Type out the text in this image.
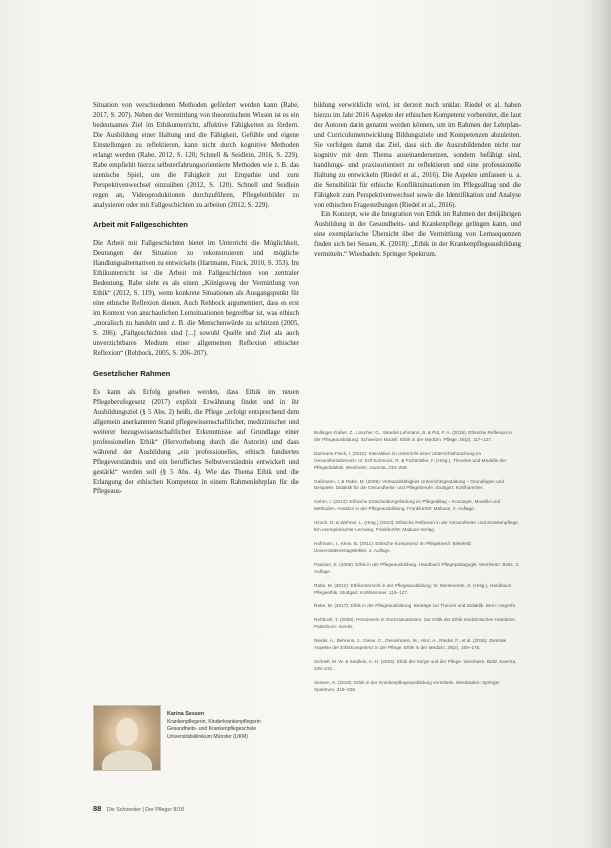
Situation von verschiedenen Methoden gefördert werden kann (Rabe, 2017, S. 207). Neben der Vermittlung von theoretischem Wissen ist es ein bedeutsames Ziel im Ethikunterricht, affektive Fähigkeiten zu fördern. Die Ausbildung einer Haltung und die Fähigkeit, Gefühle und eigene Einstellungen zu reflektieren, kann nicht durch kognitive Methoden erlangt werden (Rabe, 2012, S. 120; Schnell & Seidlein, 2016, S. 229). Rabe empfiehlt hierzu selbsterfahrungsorientierte Methoden wie z. B. das szenische Spiel, um die Fähigkeit zur Empathie und zum Perspektivenwechsel einzuüben (2012, S. 120). Schnell und Seidlein regen an, Videoproduktionen durchzuführen, Pflegeleitbilder zu analysieren oder mit Fallgeschichten zu arbeiten (2012, S. 229).

Arbeit mit Fallgeschichten

Die Arbeit mit Fallgeschichten bietet im Unterricht die Möglichkeit, Deutungen der Situation zu rekonstruieren und mögliche Handlungsalternativen zu entwickeln (Hartmann, Finck, 2010, S. 353). Im Ethikunterricht ist die Arbeit mit Fallgeschichten von zentraler Bedeutung. Rabe sieht es als einen „Königsweg der Vermittlung von Ethik“ (2012, S. 119), wenn konkrete Situationen als Ausgangspunkt für eine ethische Reflexion dienen. Auch Rehbock argumentiert, dass es erst im Kontext von anschaulichen Lernsituationen begreifbar ist, was ethisch „moralisch zu handeln und z. B. die Menschenwürde zu schützen (2005, S. 206). „Fallgeschichten sind [...] sowohl Quelle und Ziel als auch unverzichtbares Medium einer allgemeinen Reflexion ethischer Reflexion“ (Rehbock, 2005, S. 206–207).

Gesetzlicher Rahmen

Es kann als Erfolg gesehen werden, dass Ethik im neuen Pflegeberufegesetz (2017) explizit Erwähnung findet und in ihr Ausbildungsziel (§ 5 Abs. 2) heißt, die Pflege „erfolgt entsprechend dem allgemein anerkannten Stand pflegewissenschaftlicher, medizinischer und weiterer bezugswissenschaftlicher Erkenntnisse auf Grundlage einer professionellen Ethik“ (Hervorhebung durch die Autorin) und dass während der Ausbildung „ein professionelles, ethisch fundiertes Pflegeverständnis und ein berufliches Selbstverständnis entwickelt und gestärkt“ werden soll (§ 5 Abs. 4). Wie das Thema Ethik und die Erlangung der ethischen Kompetenz in einem Rahmenlehrplan für die Pflegeaus-

bildung verwirklicht wird, ist derzeit noch unklar. Riedel et al. haben hierzu im Jahr 2016 Aspekte der ethischen Kompetenz vorbereitet, die laut der Autoren darin genannt werden können, um im Rahmen der Lehrplan- und Curriculumentwicklung Bildungsziele und Kompetenzen abzuleiten. Sie verfolgen damit das Ziel, dass sich die Auszubildenden nicht nur kognitiv mit dem Thema auseinandersetzen, sondern befähigt sind, handlungs- und praxisorientiert zu reflektieren und eine professionelle Haltung zu entwickeln (Riedel et al., 2016). Die Aspekte umfassen u. a. die Sensibilität für ethische Konfliktsituationen im Pflegealltag und die Fähigkeit zum Perspektivenwechsel sowie die Identifikation und Analyse von ethischen Fragestellungen (Riedel et al., 2016).

Ein Konzept, wie die Integration von Ethik im Rahmen der dreijährigen Ausbildung in der Gesundheits- und Krankenpflege gelingen kann, und eine exemplarische Übersicht über die Vermittlung von Lernsequenzen finden sich bei Sessen, K. (2018): „Ethik in der Krankenpflegeausbildung vermitteln.“ Wiesbaden: Springer Spektrum.

Bollinger-Gaßer, Z., Lüscher, G., Skardel Lehmann, B. & Pitt, F. A. (2018): Ethische Reflexion in der Pflegeausbildung: Schweizer Modell. Ethik in der Medizin. Pflege, 26(2), 117–127.

Darmann-Finck, I. (2010): Interaktion im Unterricht einer Unterrichtsforschung im Gesundheitsbereich. In: Ertl-Schmuck, R. & Fichtmüller, F. (Hrsg.), Theorien und Modelle der Pflegedidaktik. Weinheim: Juventa, 233–259.

Gaßmann, I. & Rabe, M. (2009): Verbandsfähigkeit Unterrichtsgestaltung – Grundlagen und Beispiele. Didaktik für die Gesundheits- und Pflegeberufe. Stuttgart: Kohlhammer.

Gehm, I. (2013): Ethische Entscheidungsfindung im Pflegealltag – Konzepte, Modelle und Methoden. Ansätze in der Pflegeausbildung. Frankfurt/M: Mabuse, 2. Auflage.

Hirsch, D. & Wehner, L. (Hrsg.) (2012): Ethische Reflexion in der Gesundheits- und Krankenpflege. Ein exemplarischer Lernweg. Frankfurt/M: Mabuse-Verlag.

Hofmann, I., Klein, B. (2011): Ethische Kompetenz im Pflegeberuf. Bielefeld: UniversitätsVerlagWebler, 2. Auflage.

Paulsen, E. (2008): Ethik in der Pflegeausbildung. Handbuch Pflegepädagogik. Weinheim: Beltz, 3. Auflage.

Rabe, M. (2012): Ethikunterricht in der Pflegeausbildung. In: Monteverde, S. (Hrsg.), Handbuch Pflegeethik. Stuttgart: Kohlhammer, 119–127.

Rabe, M. (2017): Ethik in der Pflegeausbildung. Beiträge zur Theorie und Didaktik. Bern: Hogrefe.

Rehbock, T. (2005): Personsein in Grenzsituationen: Zur Kritik der Ethik medizinischen Handelns. Paderborn: mentis.

Riedel, A., Behrens, J., Giese, C., Geiselmann, M., Hinz, A., Riedel, F., et al. (2016): Zentrale Aspekte der Ethikkompetenz in der Pflege. Ethik in der Medizin, 28(2), 169–175.

Schnell, M. W. & Seidlein, A.-H. (2016): Ethik der Sorge und der Pflege. Weinheim: Beltz Juventa, 225–231.

Sessen, K. (2018): Ethik in der Krankenpflegeausbildung vermitteln. Wiesbaden: Springer Spektrum, 318–328.

Karina Sessen
Krankenpflegerin, Kinderkrankenpflegerin
Gesundheits- und Krankenpflegeschule
Universitätsklinikum Münster (UKM)
88 Die Schwester | Der Pfleger 8/18
